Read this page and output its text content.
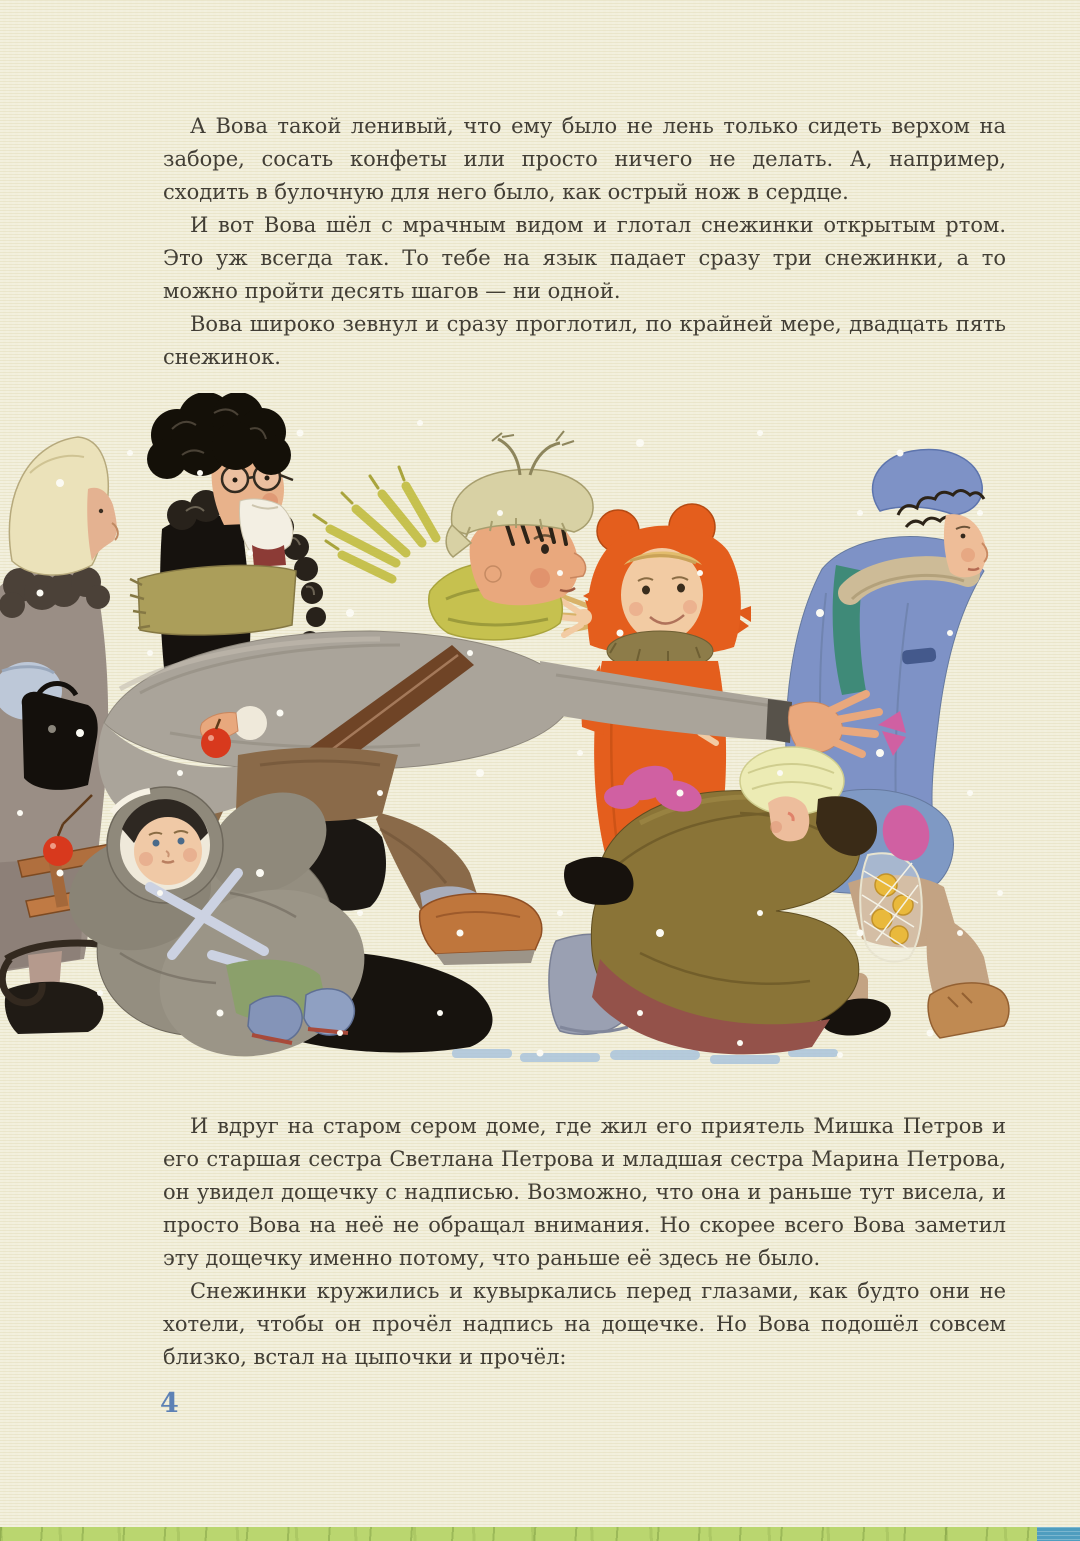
А Вова такой ленивый, что ему было не лень только сидеть верхом на заборе, сосать конфеты или просто ничего не делать. А, например, сходить в булочную для него было, как острый нож в сердце.

И вот Вова шёл с мрачным видом и глотал снежинки открытым ртом. Это уж всегда так. То тебе на язык падает сразу три снежинки, а то можно пройти десять шагов — ни одной.

Вова широко зевнул и сразу проглотил, по крайней мере, двадцать пять снежинок.

И вдруг на старом сером доме, где жил его приятель Мишка Петров и его старшая сестра Светлана Петрова и младшая сестра Марина Петрова, он увидел дощечку с надписью. Возможно, что она и раньше тут висела, и просто Вова на неё не обращал внимания. Но скорее всего Вова заметил эту дощечку именно потому, что раньше её здесь не было.

Снежинки кружились и кувыркались перед глазами, как будто они не хотели, чтобы он прочёл надпись на дощечке. Но Вова подошёл совсем близко, встал на цыпочки и прочёл:

4
